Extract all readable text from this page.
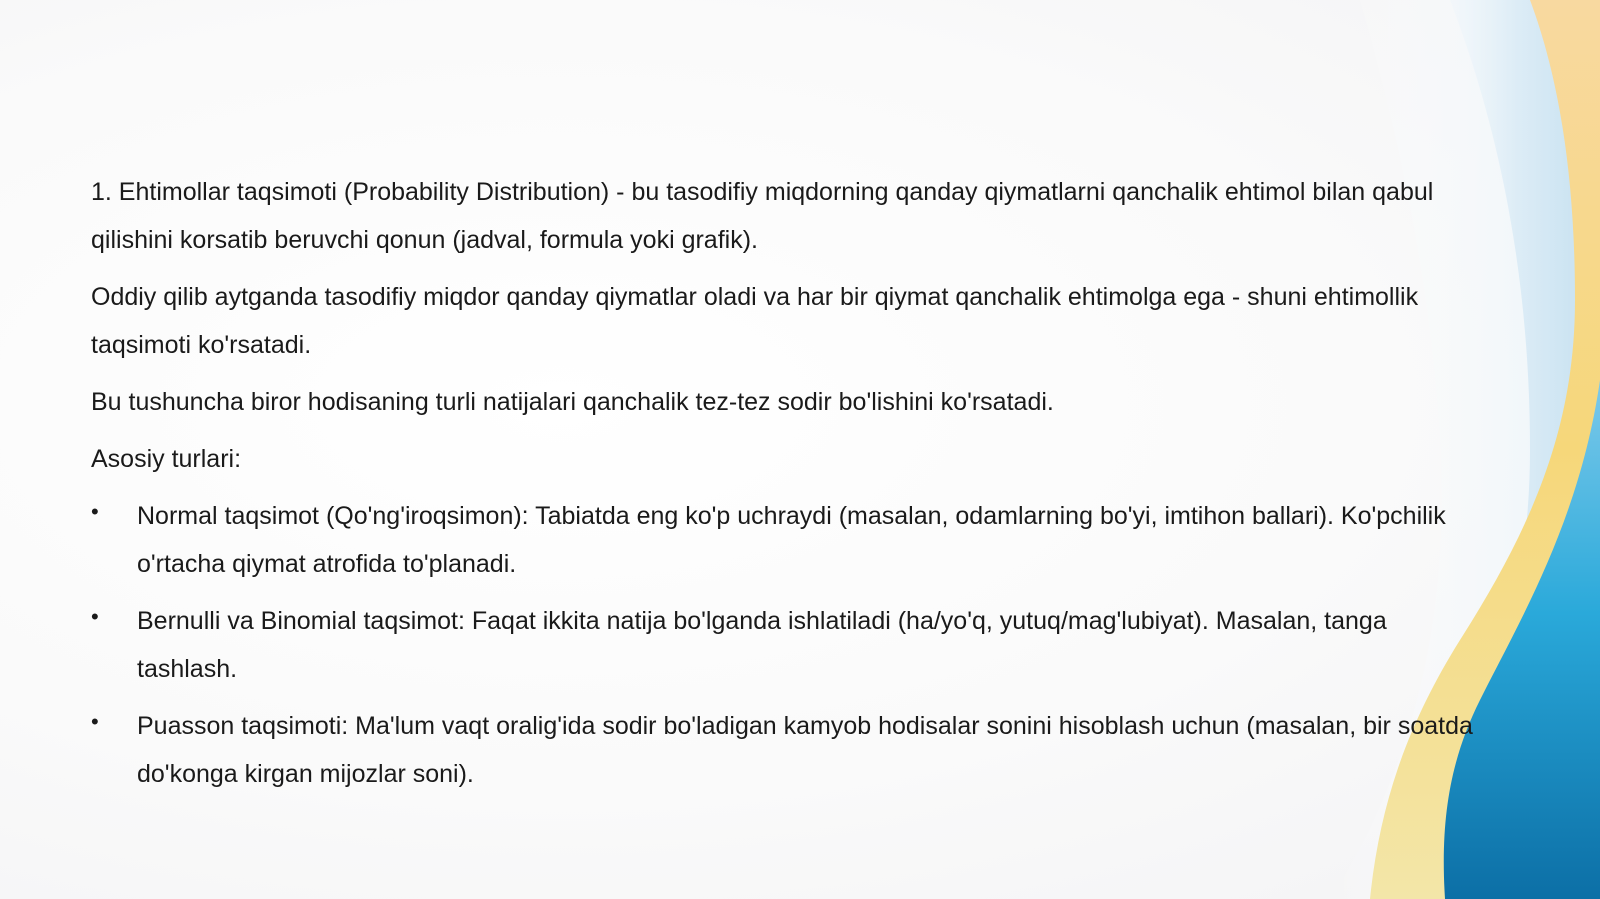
1. Ehtimollar taqsimoti (Probability Distribution) - bu tasodifiy miqdorning qanday qiymatlarni qanchalik ehtimol bilan qabul qilishini korsatib beruvchi qonun (jadval, formula yoki grafik).

Oddiy qilib aytganda tasodifiy miqdor qanday qiymatlar oladi va har bir qiymat qanchalik ehtimolga ega - shuni ehtimollik taqsimoti ko'rsatadi.

Bu tushuncha biror hodisaning turli natijalari qanchalik tez-tez sodir bo'lishini ko'rsatadi.

Asosiy turlari:

• Normal taqsimot (Qo'ng'iroqsimon): Tabiatda eng ko'p uchraydi (masalan, odamlarning bo'yi, imtihon ballari). Ko'pchilik o'rtacha qiymat atrofida to'planadi.
• Bernulli va Binomial taqsimot: Faqat ikkita natija bo'lganda ishlatiladi (ha/yo'q, yutuq/mag'lubiyat). Masalan, tanga tashlash.
• Puasson taqsimoti: Ma'lum vaqt oralig'ida sodir bo'ladigan kamyob hodisalar sonini hisoblash uchun (masalan, bir soatda do'konga kirgan mijozlar soni).
